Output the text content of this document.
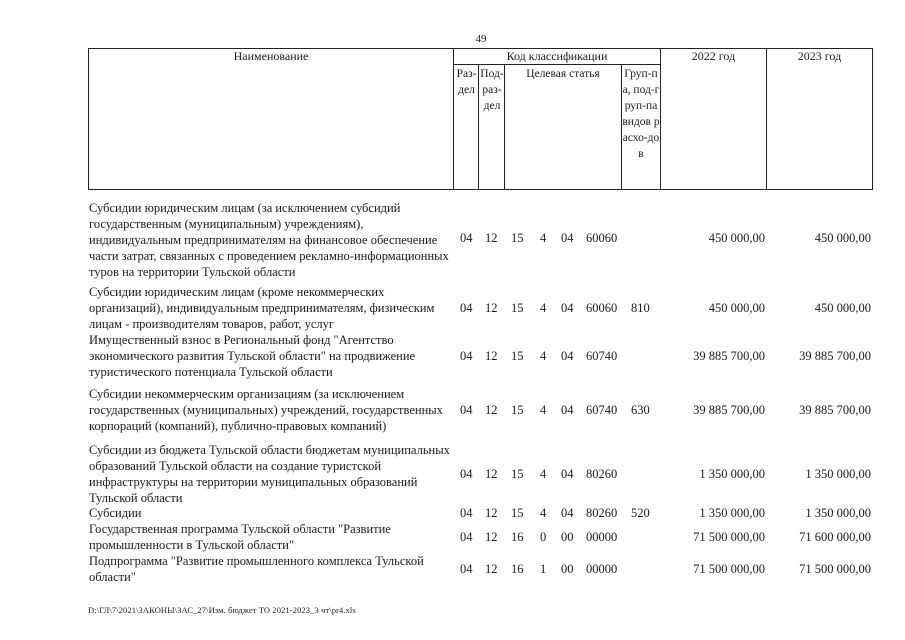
49
Наименование	Код классификации	2022 год	2023 год
Раз-дел
Под-раз-дел
Целевая статья	Груп-па, под-груп-па видов расхо-дов
Субсидии юридическим лицам (за исключением субсидий государственным (муниципальным) учреждениям), индивидуальным предпринимателям на финансовое обеспечение части затрат, связанных с проведением рекламно-информационных туров на территории Тульской области
04 12 15 4 04 60060	450 000,00	450 000,00
Субсидии юридическим лицам (кроме некоммерческих организаций), индивидуальным предпринимателям, физическим лицам - производителям товаров, работ, услуг
04 12 15 4 04 60060 810	450 000,00	450 000,00
Имущественный взнос в Региональный фонд "Агентство экономического развития Тульской области" на продвижение туристического потенциала Тульской области
04 12 15 4 04 60740	39 885 700,00	39 885 700,00
Субсидии некоммерческим организациям (за исключением государственных (муниципальных) учреждений, государственных корпораций (компаний), публично-правовых компаний)
04 12 15 4 04 60740 630	39 885 700,00	39 885 700,00
Субсидии из бюджета Тульской области бюджетам муниципальных образований Тульской области на создание туристской инфраструктуры на территории муниципальных образований Тульской области
04 12 15 4 04 80260	1 350 000,00	1 350 000,00
Субсидии	04 12 15 4 04 80260 520	1 350 000,00	1 350 000,00
Государственная программа Тульской области "Развитие промышленности в Тульской области"
04 12 16 0 00 00000	71 500 000,00	71 600 000,00
Подпрограмма "Развитие промышленного комплекса Тульской области"
04 12 16 1 00 00000	71 500 000,00	71 500 000,00
D:\ГЛ\7\2021\ЗАКОНЫ\ЗАС_27\Изм. бюджет ТО 2021-2023_3 чт\pr4.xls
